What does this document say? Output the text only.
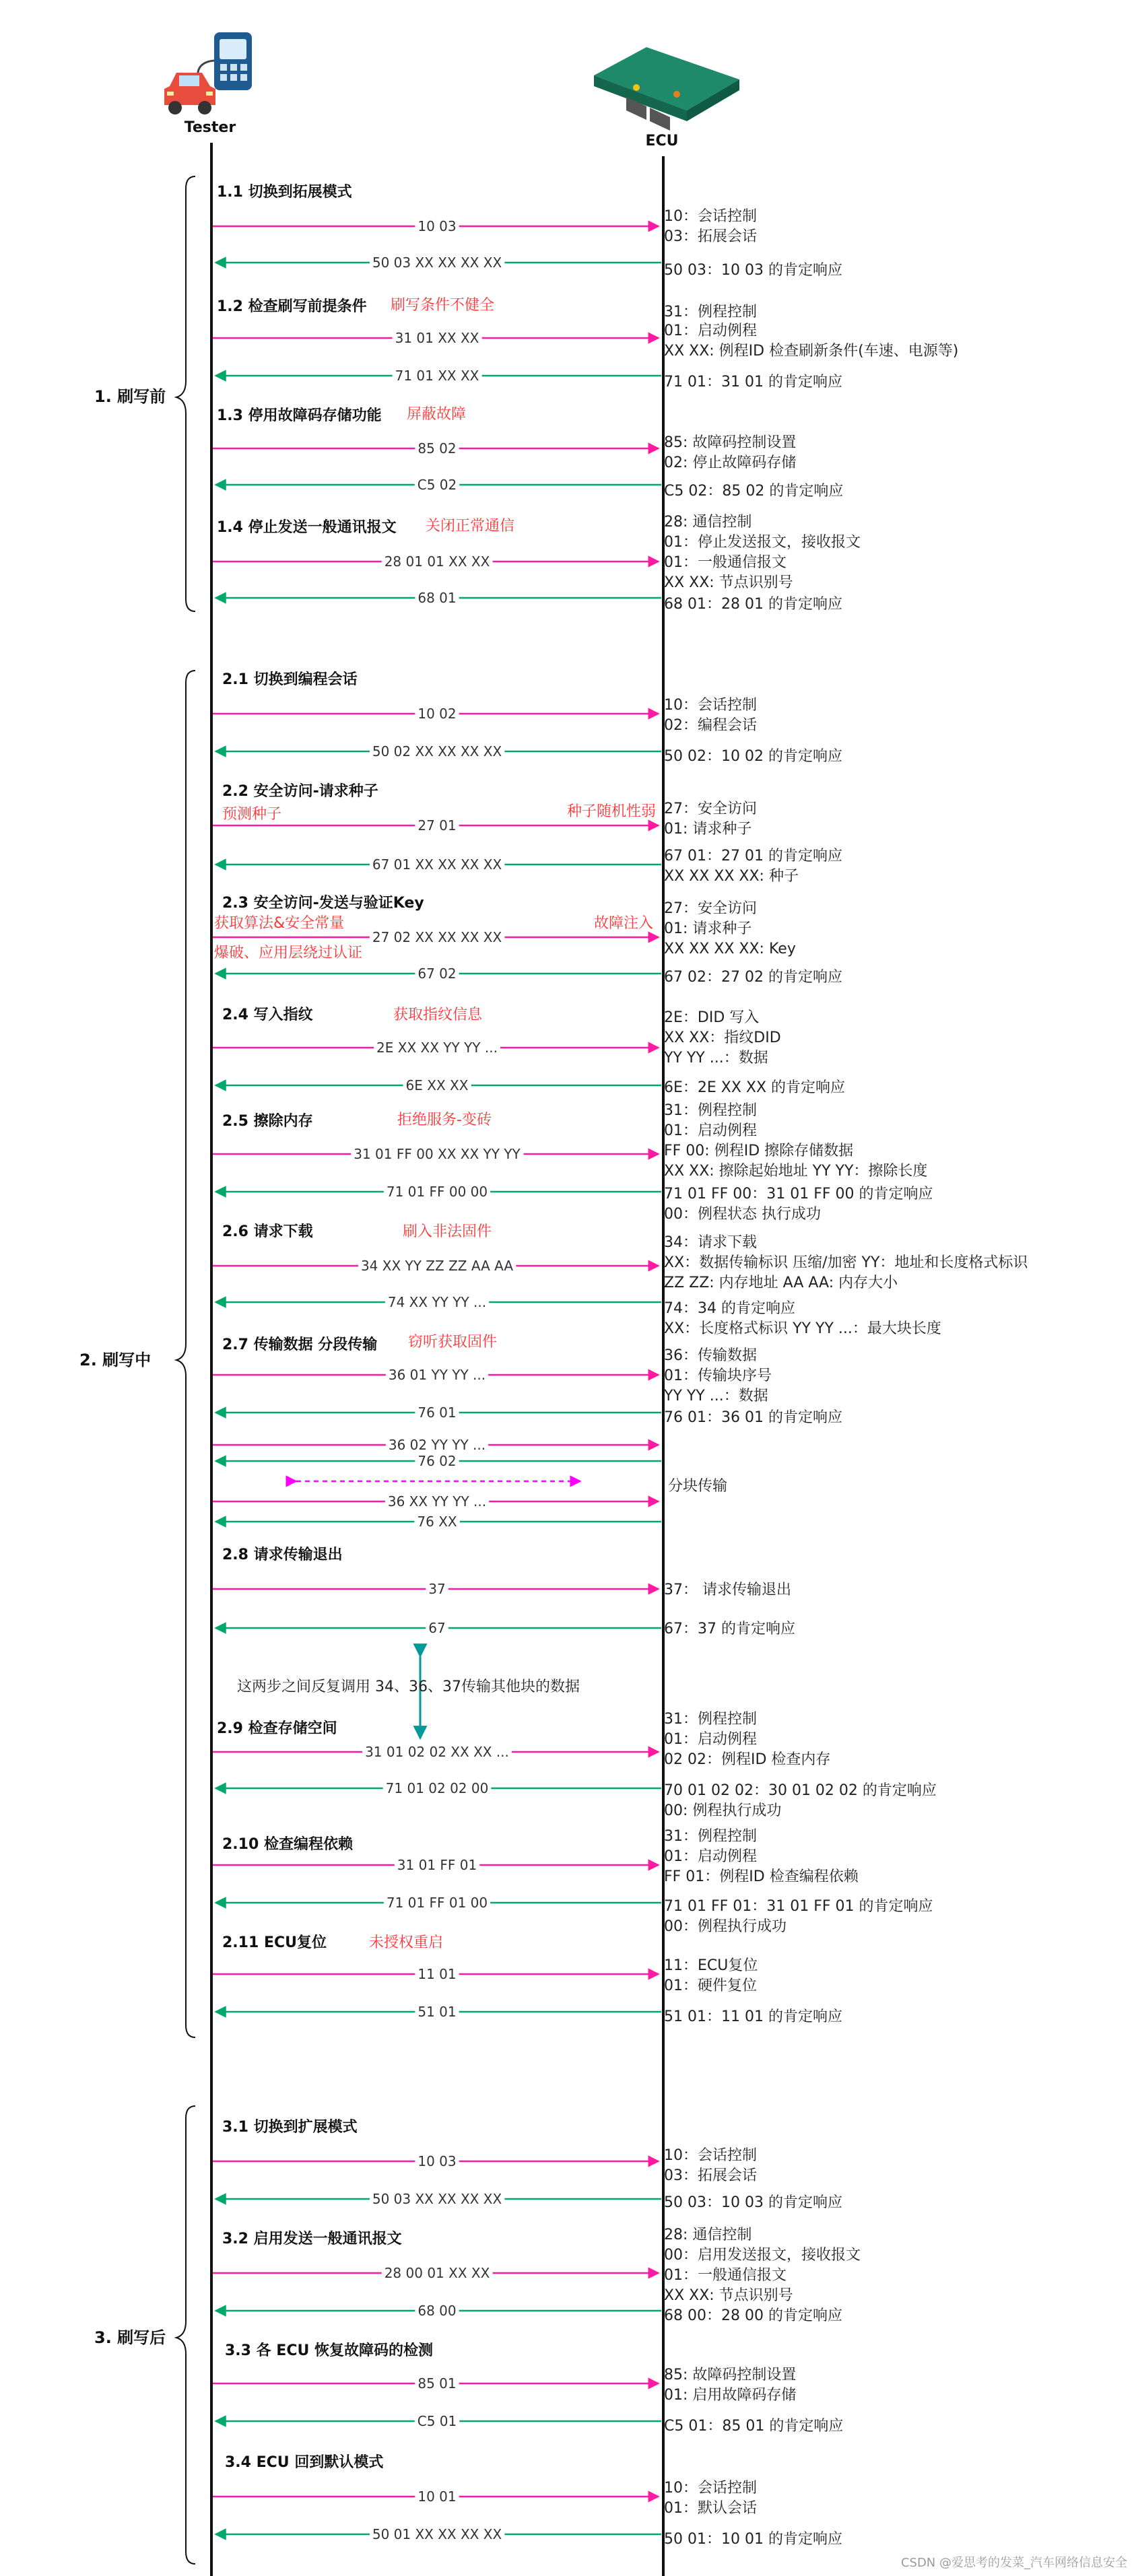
Tester
ECU
1. 刷写前
2. 刷写中
3. 刷写后
1.1 切换到拓展模式
1.2 检查刷写前提条件 刷写条件不健全
1.3 停用故障码存储功能 屏蔽故障
1.4 停止发送一般通讯报文 关闭正常通信
2.1 切换到编程会话
2.2 安全访问-请求种子
2.3 安全访问-发送与验证Key
2.4 写入指纹	获取指纹信息
2.5 擦除内存	拒绝服务-变砖
2.6 请求下载	刷入非法固件
2.7 传输数据 分段传输 窃听获取固件
2.8 请求传输退出
2.9 检查存储空间
2.10 检查编程依赖
2.11 ECU复位	未授权重启
3.1 切换到扩展模式
3.2 启用发送一般通讯报文
3.3 各 ECU 恢复故障码的检测
3.4 ECU 回到默认模式
预测种子	种子随机性弱
获取算法&安全常量
爆破、应用层绕过认证
故障注入
10 03
50 03 XX XX XX XX
31 01 XX XX
71 01 XX XX
85 02
C5 02
28 01 01 XX XX
68 01
10 02
50 02 XX XX XX XX
27 01
67 01 XX XX XX XX
27 02 XX XX XX XX
67 02
2E XX XX YY YY ...
6E XX XX
31 01 FF 00 XX XX YY YY
71 01 FF 00 00
34 XX YY ZZ ZZ AA AA
74 XX YY YY ...
36 01 YY YY ...
76 01
36 02 YY YY ...
76 02
36 XX YY YY ...
76 XX
37
67
31 01 02 02 XX XX ...
71 01 02 02 00
31 01 FF 01
71 01 FF 01 00
11 01
51 01
10 03
50 03 XX XX XX XX
28 00 01 XX XX
68 00
85 01
C5 01
10 01
50 01 XX XX XX XX
10：会话控制
03：拓展会话
50 03：10 03 的肯定响应
31：例程控制
01：启动例程
XX XX: 例程ID 检查刷新条件(车速、电源等)
71 01：31 01 的肯定响应
85: 故障码控制设置
02: 停止故障码存储
C5 02：85 02 的肯定响应
28: 通信控制
01：停止发送报文，接收报文
01：一般通信报文
XX XX: 节点识别号
68 01：28 01 的肯定响应
10：会话控制
02：编程会话
50 02：10 02 的肯定响应
27：安全访问
01: 请求种子
67 01：27 01 的肯定响应
XX XX XX XX: 种子
27：安全访问
01: 请求种子
XX XX XX XX: Key
67 02：27 02 的肯定响应
2E：DID 写入
XX XX：指纹DID
YY YY ...：数据
6E：2E XX XX 的肯定响应
31：例程控制
01：启动例程
FF 00: 例程ID 擦除存储数据
XX XX: 擦除起始地址 YY YY：擦除长度
71 01 FF 00：31 01 FF 00 的肯定响应
00：例程状态 执行成功
34：请求下载
XX：数据传输标识 压缩/加密 YY：地址和长度格式标识
ZZ ZZ: 内存地址 AA AA: 内存大小
74：34 的肯定响应
XX：长度格式标识 YY YY ...：最大块长度
36：传输数据
01：传输块序号
YY YY ...：数据
76 01：36 01 的肯定响应
分块传输
37： 请求传输退出
67：37 的肯定响应
31：例程控制
01：启动例程
02 02：例程ID 检查内存
70 01 02 02：30 01 02 02 的肯定响应
00: 例程执行成功
31：例程控制
01：启动例程
FF 01：例程ID 检查编程依赖
71 01 FF 01：31 01 FF 01 的肯定响应
00：例程执行成功
11：ECU复位
01：硬件复位
51 01：11 01 的肯定响应
10：会话控制
03：拓展会话
50 03：10 03 的肯定响应
28: 通信控制
00：启用发送报文，接收报文
01：一般通信报文
XX XX: 节点识别号
68 00：28 00 的肯定响应
85: 故障码控制设置
01: 启用故障码存储
C5 01：85 01 的肯定响应
10：会话控制
01：默认会话
50 01：10 01 的肯定响应
这两步之间反复调用 34、36、37传输其他块的数据
CSDN @爱思考的发菜_汽车网络信息安全
